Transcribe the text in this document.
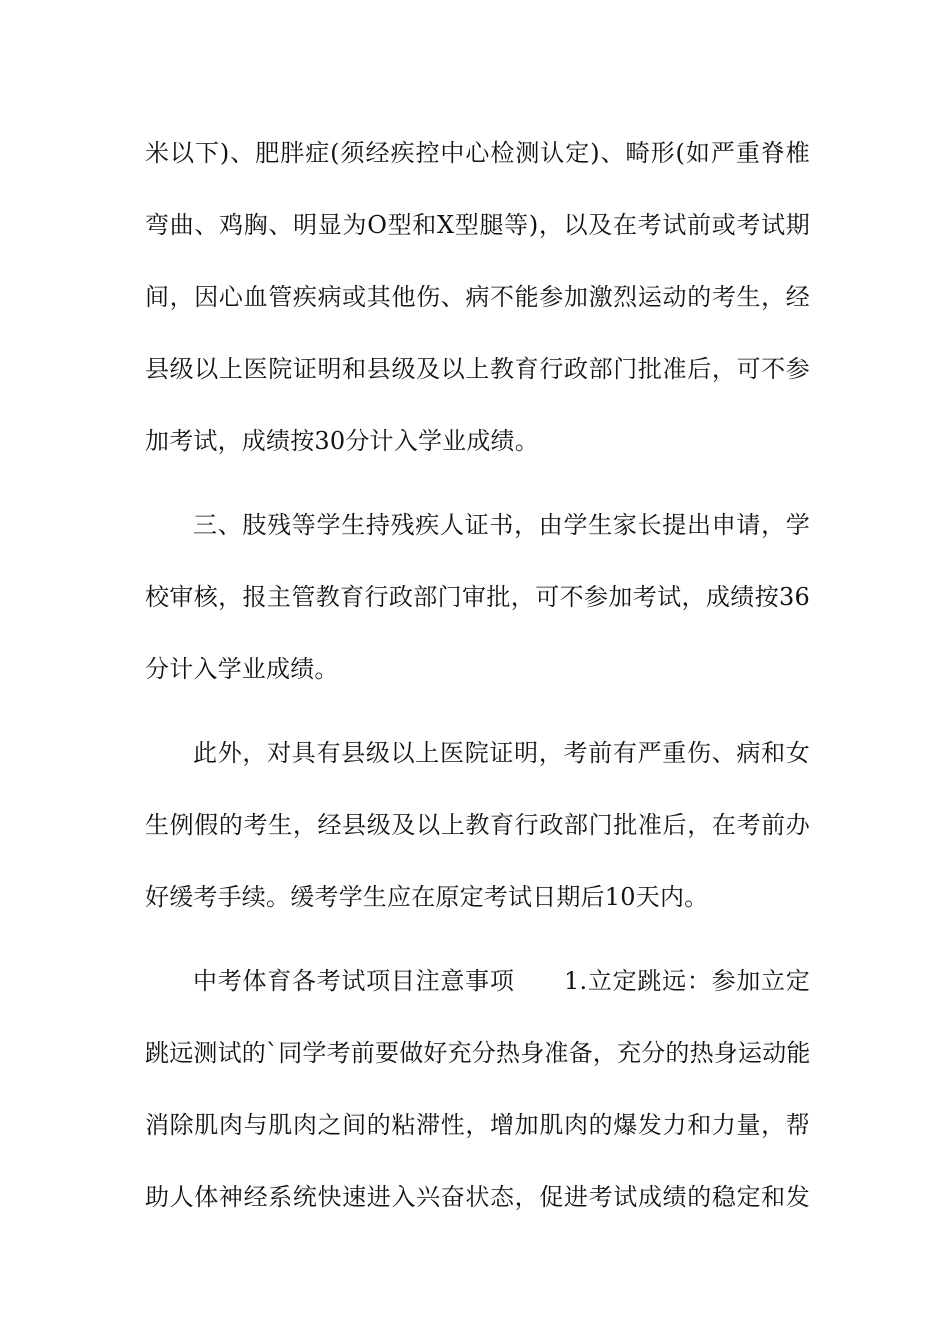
米以下)、肥胖症(须经疾控中心检测认定)、畸形(如严重脊椎
弯曲、鸡胸、明显为O型和X型腿等)，以及在考试前或考试期
间，因心血管疾病或其他伤、病不能参加激烈运动的考生，经
县级以上医院证明和县级及以上教育行政部门批准后，可不参
加考试，成绩按30分计入学业成绩。
三、肢残等学生持残疾人证书，由学生家长提出申请，学
校审核，报主管教育行政部门审批，可不参加考试，成绩按36
分计入学业成绩。
此外，对具有县级以上医院证明，考前有严重伤、病和女
生例假的考生，经县级及以上教育行政部门批准后，在考前办
好缓考手续。缓考学生应在原定考试日期后10天内。
中考体育各考试项目注意事项　　1.立定跳远：参加立定
跳远测试的`同学考前要做好充分热身准备，充分的热身运动能
消除肌肉与肌肉之间的粘滞性，增加肌肉的爆发力和力量，帮
助人体神经系统快速进入兴奋状态，促进考试成绩的稳定和发
